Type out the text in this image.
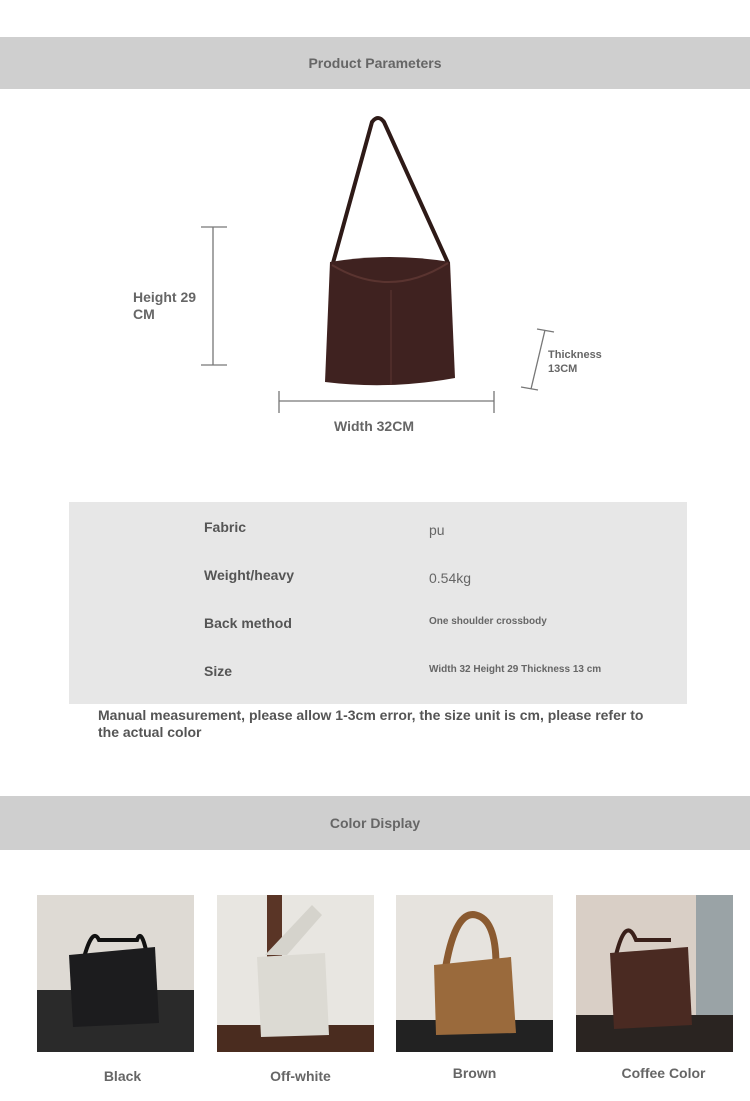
Product Parameters
Height 29 CM
Width 32CM
Thickness
13CM
Fabric	pu
Weight/heavy	0.54kg
Back method	One shoulder crossbody
Size	Width 32 Height 29 Thickness 13 cm
Manual measurement, please allow 1-3cm error, the size unit is cm, please refer to the actual color
Color Display
Black	Off-white	Brown	Coffee Color
